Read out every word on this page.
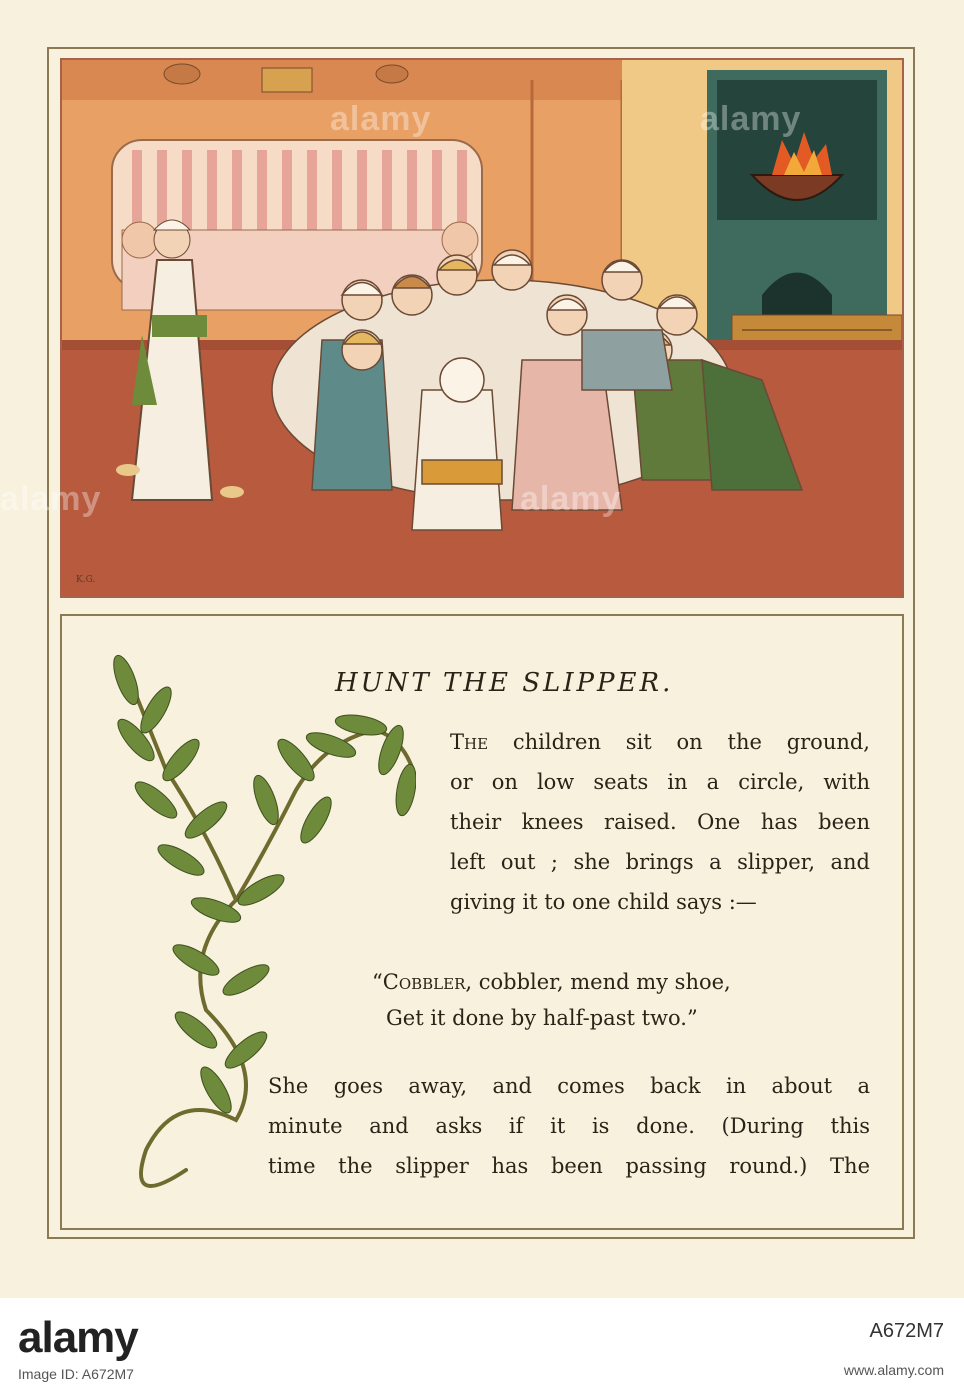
K.G.
HUNT THE SLIPPER.

The children sit on the ground,
or on low seats in a circle, with
their knees raised. One has been
left out ; she brings a slipper, and
giving it to one child says :—

“Cobbler, cobbler, mend my shoe,
Get it done by half-past two.”

She goes away, and comes back in about a
minute and asks if it is done. (During this
time the slipper has been passing round.) The

alamy	alamy
alamy
alamy
alamy
Image ID: A672M7
A672M7
www.alamy.com
